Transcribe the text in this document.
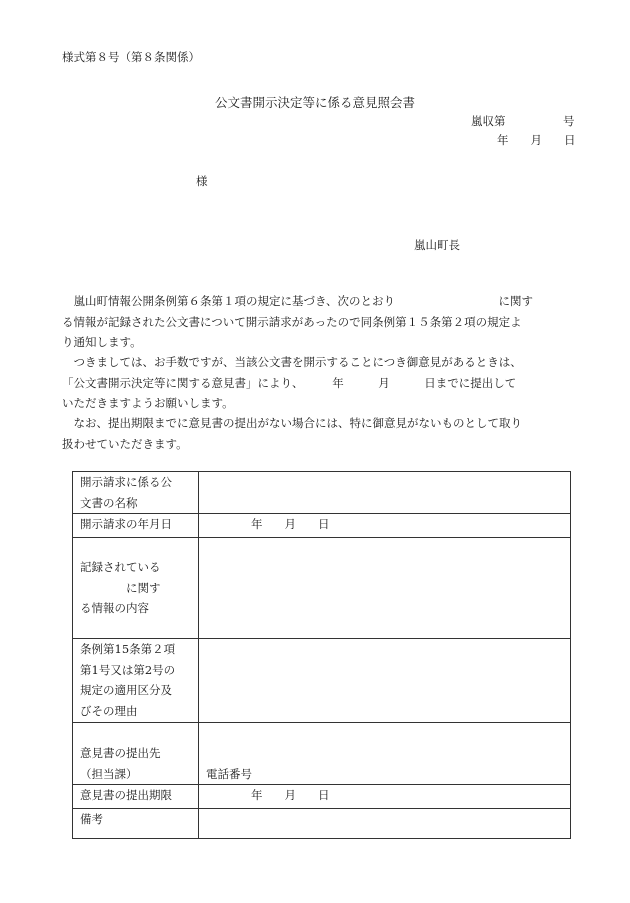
様式第８号（第８条関係）
公文書開示決定等に係る意見照会書
嵐収第	号
年 月 日
様
嵐山町長
　嵐山町情報公開条例第６条第１項の規定に基づき、次のとおり　　　　　　　　　に関す
る情報が記録された公文書について開示請求があったので同条例第１５条第２項の規定よ
り通知します。
　つきましては、お手数ですが、当該公文書を開示することにつき御意見があるときは、
「公文書開示決定等に関する意見書」により、　　　年　　　月　　　日までに提出して
いただきますようお願いします。
　なお、提出期限までに意見書の提出がない場合には、特に御意見がないものとして取り
扱わせていただきます。
開示請求に係る公
文書の名称	

開示請求の年月日	年 月 日

記録されている
　　　　に関す
る情報の内容	

条例第15条第２項
第1号又は第2号の
規定の適用区分及
びその理由	

意見書の提出先
（担当課）	電話番号

意見書の提出期限	年 月 日

備考	
